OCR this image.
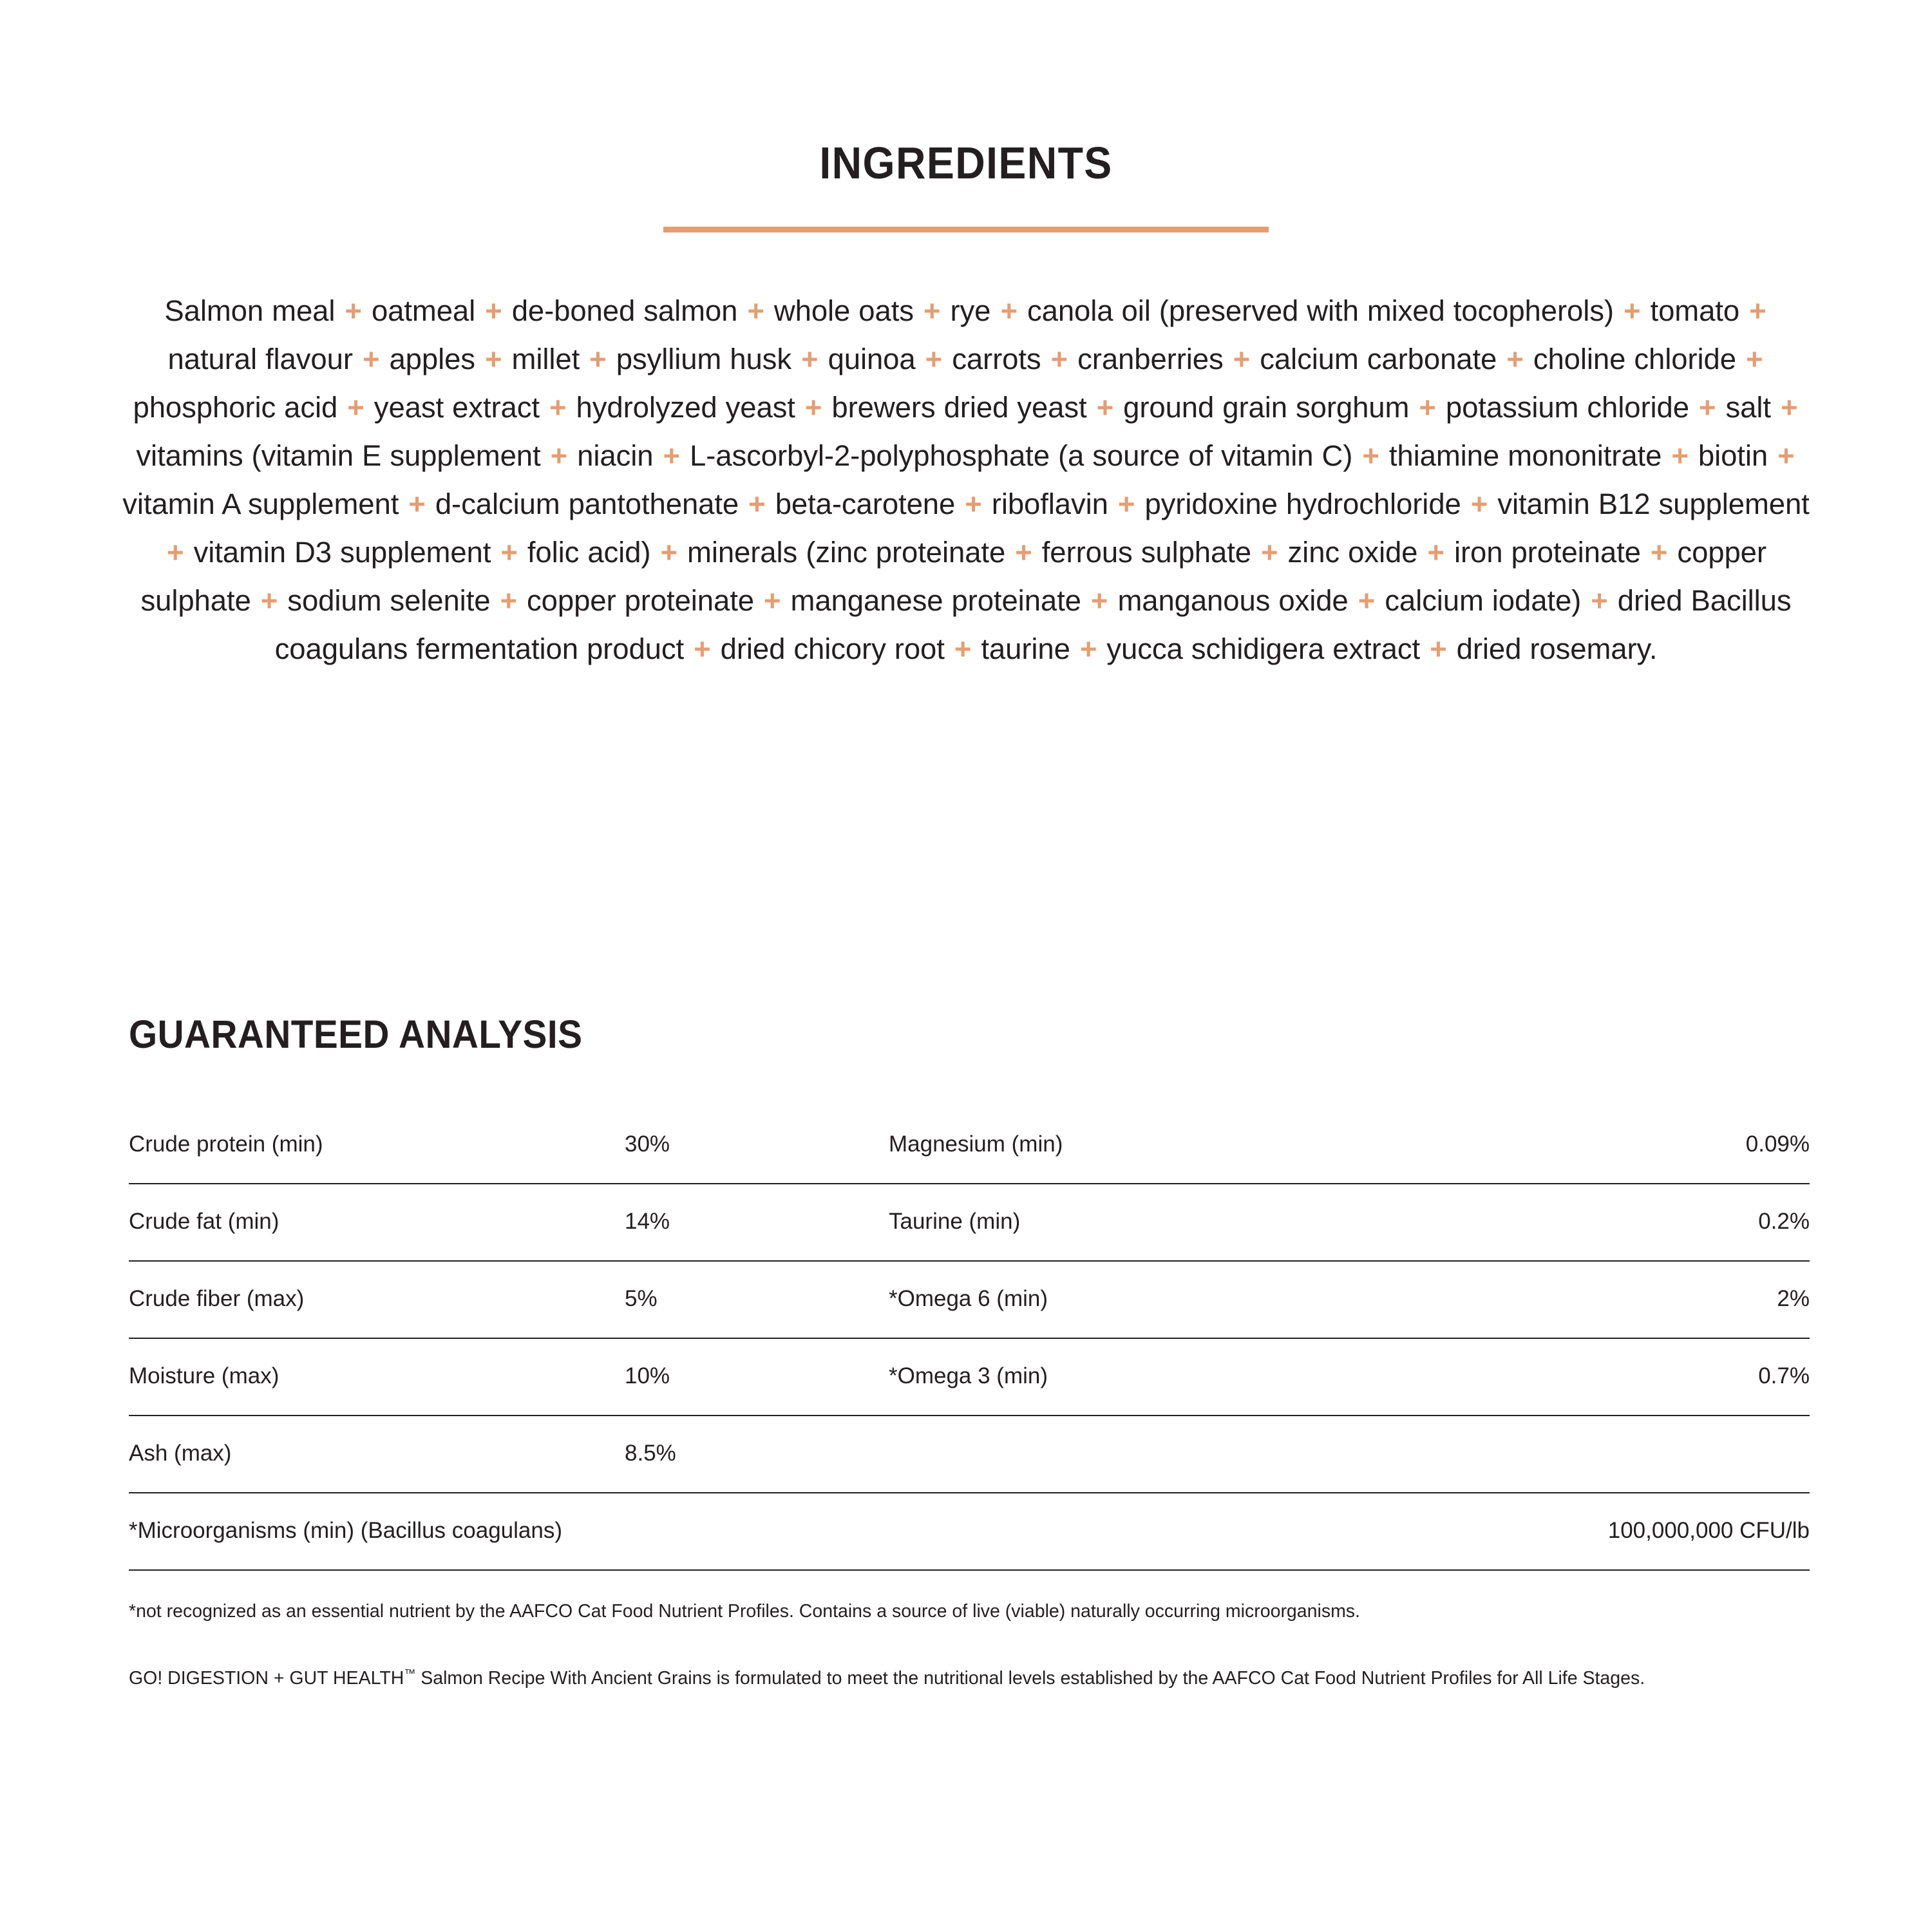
INGREDIENTS

Salmon meal + oatmeal + de-boned salmon + whole oats + rye + canola oil (preserved with mixed tocopherols) + tomato + natural flavour + apples + millet + psyllium husk + quinoa + carrots + cranberries + calcium carbonate + choline chloride + phosphoric acid + yeast extract + hydrolyzed yeast + brewers dried yeast + ground grain sorghum + potassium chloride + salt + vitamins (vitamin E supplement + niacin + L-ascorbyl-2-polyphosphate (a source of vitamin C) + thiamine mononitrate + biotin + vitamin A supplement + d-calcium pantothenate + beta-carotene + riboflavin + pyridoxine hydrochloride + vitamin B12 supplement + vitamin D3 supplement + folic acid) + minerals (zinc proteinate + ferrous sulphate + zinc oxide + iron proteinate + copper sulphate + sodium selenite + copper proteinate + manganese proteinate + manganous oxide + calcium iodate) + dried Bacillus coagulans fermentation product + dried chicory root + taurine + yucca schidigera extract + dried rosemary.

GUARANTEED ANALYSIS
Crude protein (min)	30%		Magnesium (min)	0.09%
Crude fat (min)	14%		Taurine (min)	0.2%
Crude fiber (max)	5%		*Omega 6 (min)	2%
Moisture (max)	10%		*Omega 3 (min)	0.7%
Ash (max)	8.5%			
*Microorganisms (min) (Bacillus coagulans)			100,000,000 CFU/lb	

*not recognized as an essential nutrient by the AAFCO Cat Food Nutrient Profiles. Contains a source of live (viable) naturally occurring microorganisms.

GO! DIGESTION + GUT HEALTH™ Salmon Recipe With Ancient Grains is formulated to meet the nutritional levels established by the AAFCO Cat Food Nutrient Profiles for All Life Stages.
